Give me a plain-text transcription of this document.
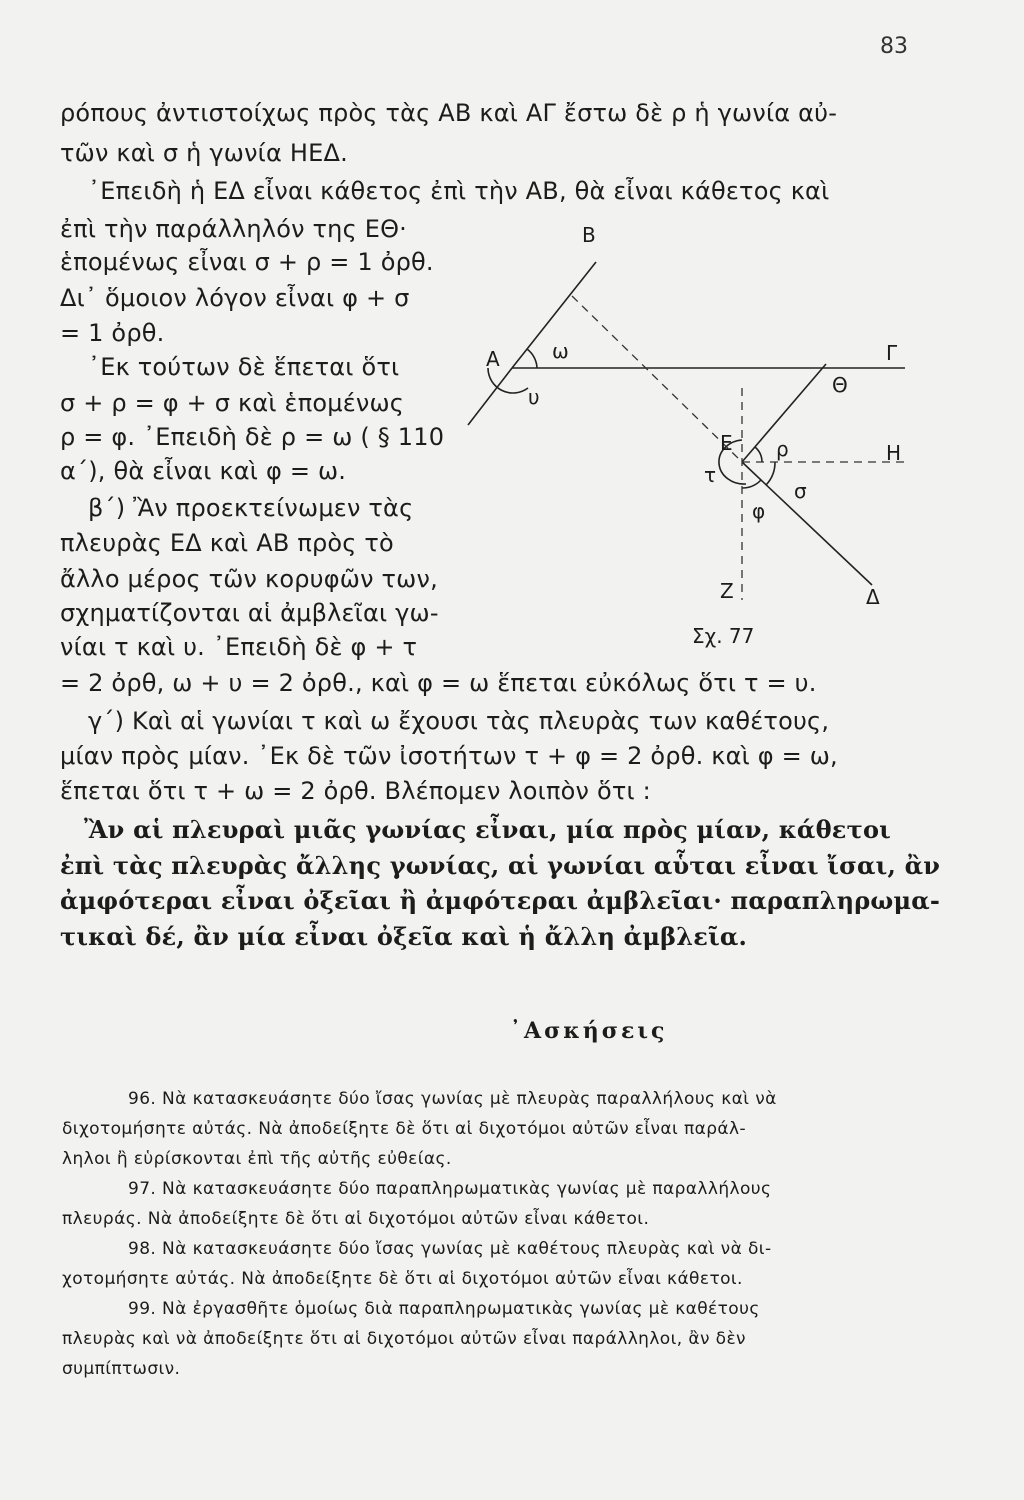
83
ρόπους ἀντιστοίχως πρὸς τὰς ΑΒ καὶ ΑΓ ἔστω δὲ ρ ἡ γωνία αὐ-
τῶν καὶ σ ἡ γωνία ΗΕΔ.
᾿Επειδὴ ἡ ΕΔ εἶναι κάθετος ἐπὶ τὴν ΑΒ, θὰ εἶναι κάθετος καὶ
ἐπὶ τὴν παράλληλόν της ΕΘ·
ἑπομένως εἶναι σ + ρ = 1 ὀρθ.
Δι᾿ ὅμοιον λόγον εἶναι φ + σ
= 1 ὀρθ.
᾿Εκ τούτων δὲ ἕπεται ὅτι
σ + ρ = φ + σ καὶ ἑπομένως
ρ = φ. ᾿Επειδὴ δὲ ρ = ω ( § 110
α΄), θὰ εἶναι καὶ φ = ω.
β΄) Ἂν προεκτείνωμεν τὰς
πλευρὰς ΕΔ καὶ ΑΒ πρὸς τὸ
ἄλλο μέρος τῶν κορυφῶν των,
σχηματίζονται αἱ ἀμβλεῖαι γω-
νίαι τ καὶ υ. ᾿Επειδὴ δὲ φ + τ
= 2 ὀρθ, ω + υ = 2 ὀρθ., καὶ φ = ω ἕπεται εὐκόλως ὅτι τ = υ.
γ΄) Καὶ αἱ γωνίαι τ καὶ ω ἔχουσι τὰς πλευρὰς των καθέτους,
μίαν πρὸς μίαν. ᾿Εκ δὲ τῶν ἰσοτήτων τ + φ = 2 ὀρθ. καὶ φ = ω,
ἕπεται ὅτι τ + ω = 2 ὀρθ. Βλέπομεν λοιπὸν ὅτι :
Ἂν αἱ πλευραὶ μιᾶς γωνίας εἶναι, μία πρὸς μίαν, κάθετοι
ἐπὶ τὰς πλευρὰς ἄλλης γωνίας, αἱ γωνίαι αὗται εἶναι ἴσαι, ἂν
ἀμφότεραι εἶναι ὀξεῖαι ἢ ἀμφότεραι ἀμβλεῖαι· παραπληρωμα-
τικαὶ δέ, ἂν μία εἶναι ὀξεῖα καὶ ἡ ἄλλη ἀμβλεῖα.
᾿Ασκήσεις
96. Νὰ κατασκευάσητε δύο ἴσας γωνίας μὲ πλευρὰς παραλλήλους καὶ νὰ
διχοτομήσητε αὐτάς. Νὰ ἀποδείξητε δὲ ὅτι αἱ διχοτόμοι αὐτῶν εἶναι παράλ-
ληλοι ἢ εὑρίσκονται ἐπὶ τῆς αὐτῆς εὐθείας.
97. Νὰ κατασκευάσητε δύο παραπληρωματικὰς γωνίας μὲ παραλλήλους
πλευράς. Νὰ ἀποδείξητε δὲ ὅτι αἱ διχοτόμοι αὐτῶν εἶναι κάθετοι.
98. Νὰ κατασκευάσητε δύο ἴσας γωνίας μὲ καθέτους πλευρὰς καὶ νὰ δι-
χοτομήσητε αὐτάς. Νὰ ἀποδείξητε δὲ ὅτι αἱ διχοτόμοι αὐτῶν εἶναι κάθετοι.
99. Νὰ ἐργασθῆτε ὁμοίως διὰ παραπληρωματικὰς γωνίας μὲ καθέτους
πλευρὰς καὶ νὰ ἀποδείξητε ὅτι αἱ διχοτόμοι αὐτῶν εἶναι παράλληλοι, ἂν δὲν
συμπίπτωσιν.
Β
Α	Γ
Θ
Ε	Η
Ζ	Δ
ω
υ
ρ
σ
φ
τ
Σχ. 77
